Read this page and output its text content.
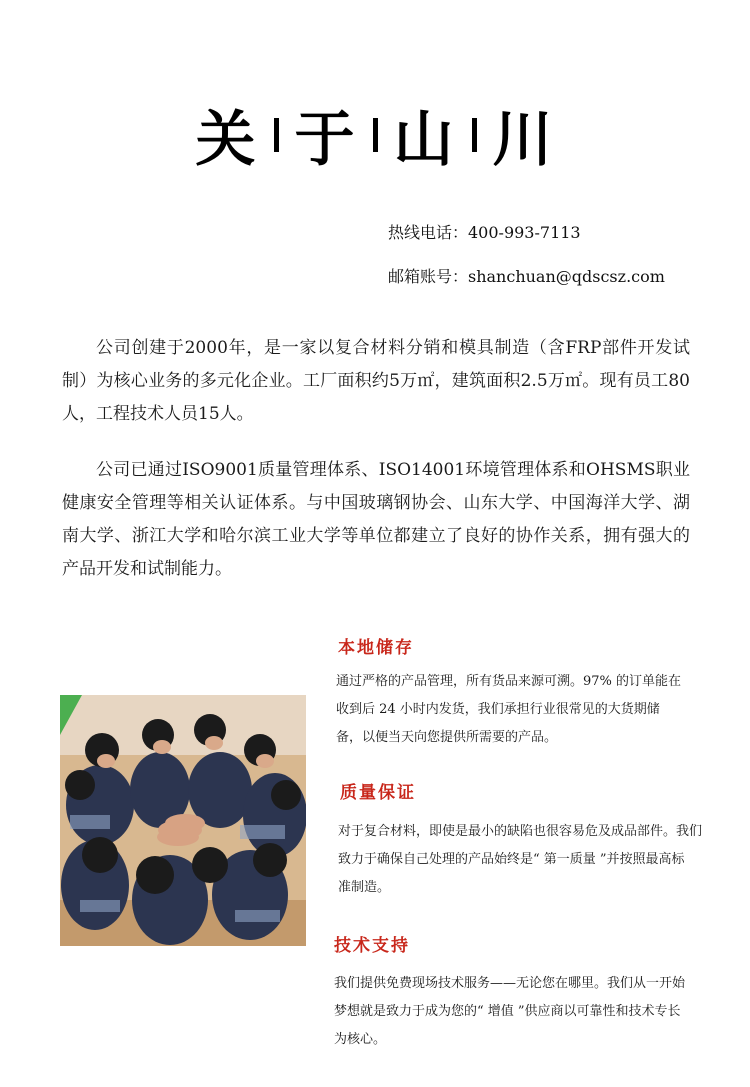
关 于 山 川
热线电话：400-993-7113
邮箱账号：shanchuan@qdscsz.com

公司创建于2000年，是一家以复合材料分销和模具制造（含FRP部件开发试制）为核心业务的多元化企业。工厂面积约5万㎡，建筑面积2.5万㎡。现有员工80人，工程技术人员15人。

公司已通过ISO9001质量管理体系、ISO14001环境管理体系和OHSMS职业健康安全管理等相关认证体系。与中国玻璃钢协会、山东大学、中国海洋大学、湖南大学、浙江大学和哈尔滨工业大学等单位都建立了良好的协作关系，拥有强大的产品开发和试制能力。

本地储存
通过严格的产品管理，所有货品来源可溯。97% 的订单能在
收到后 24 小时内发货，我们承担行业很常见的大货期储
备，以便当天向您提供所需要的产品。
质量保证
对于复合材料，即使是最小的缺陷也很容易危及成品部件。我们
致力于确保自己处理的产品始终是“ 第一质量 ”并按照最高标
准制造。
技术支持
我们提供免费现场技术服务——无论您在哪里。我们从一开始
梦想就是致力于成为您的“ 增值 ”供应商以可靠性和技术专长
为核心。
